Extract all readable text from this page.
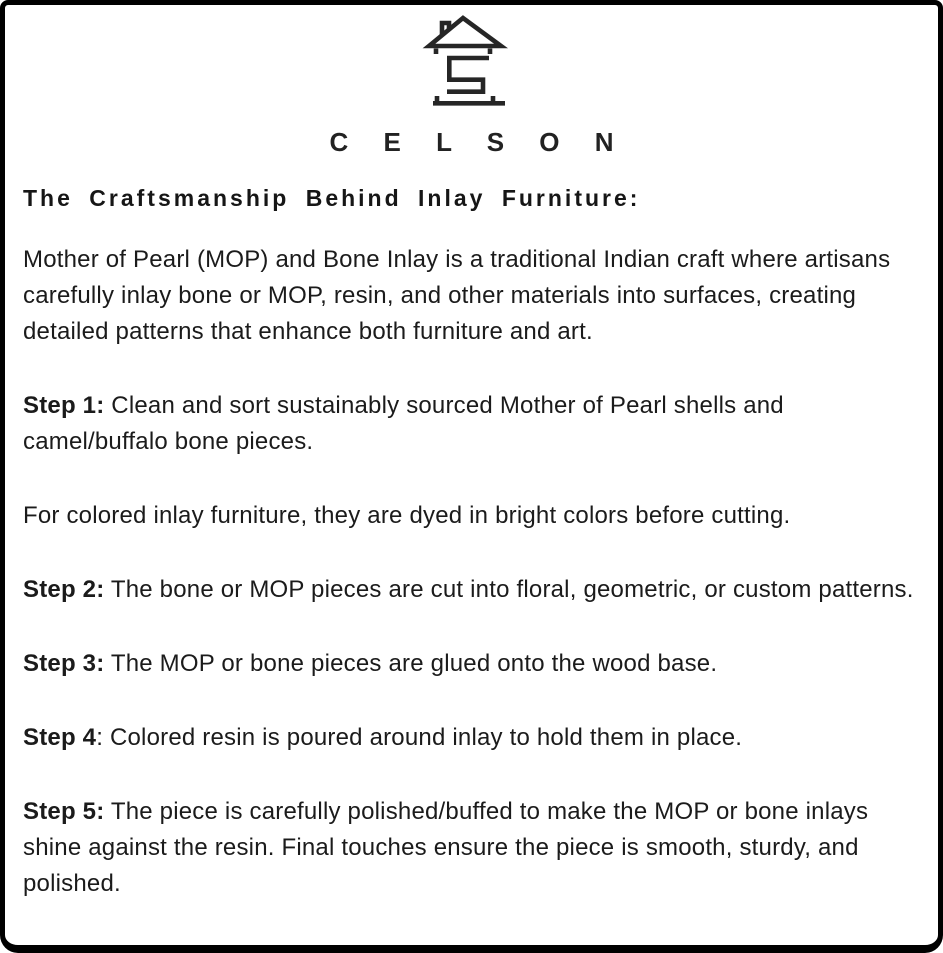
C E L S O N
The Craftsmanship Behind Inlay Furniture:

Mother of Pearl (MOP) and Bone Inlay is a traditional Indian craft where artisans carefully inlay bone or MOP, resin, and other materials into surfaces, creating detailed patterns that enhance both furniture and art.

Step 1: Clean and sort sustainably sourced Mother of Pearl shells and camel/buffalo bone pieces.

For colored inlay furniture, they are dyed in bright colors before cutting.

Step 2: The bone or MOP pieces are cut into floral, geometric, or custom patterns.

Step 3: The MOP or bone pieces are glued onto the wood base.

Step 4: Colored resin is poured around inlay to hold them in place.

Step 5: The piece is carefully polished/buffed to make the MOP or bone inlays shine against the resin. Final touches ensure the piece is smooth, sturdy, and polished.
